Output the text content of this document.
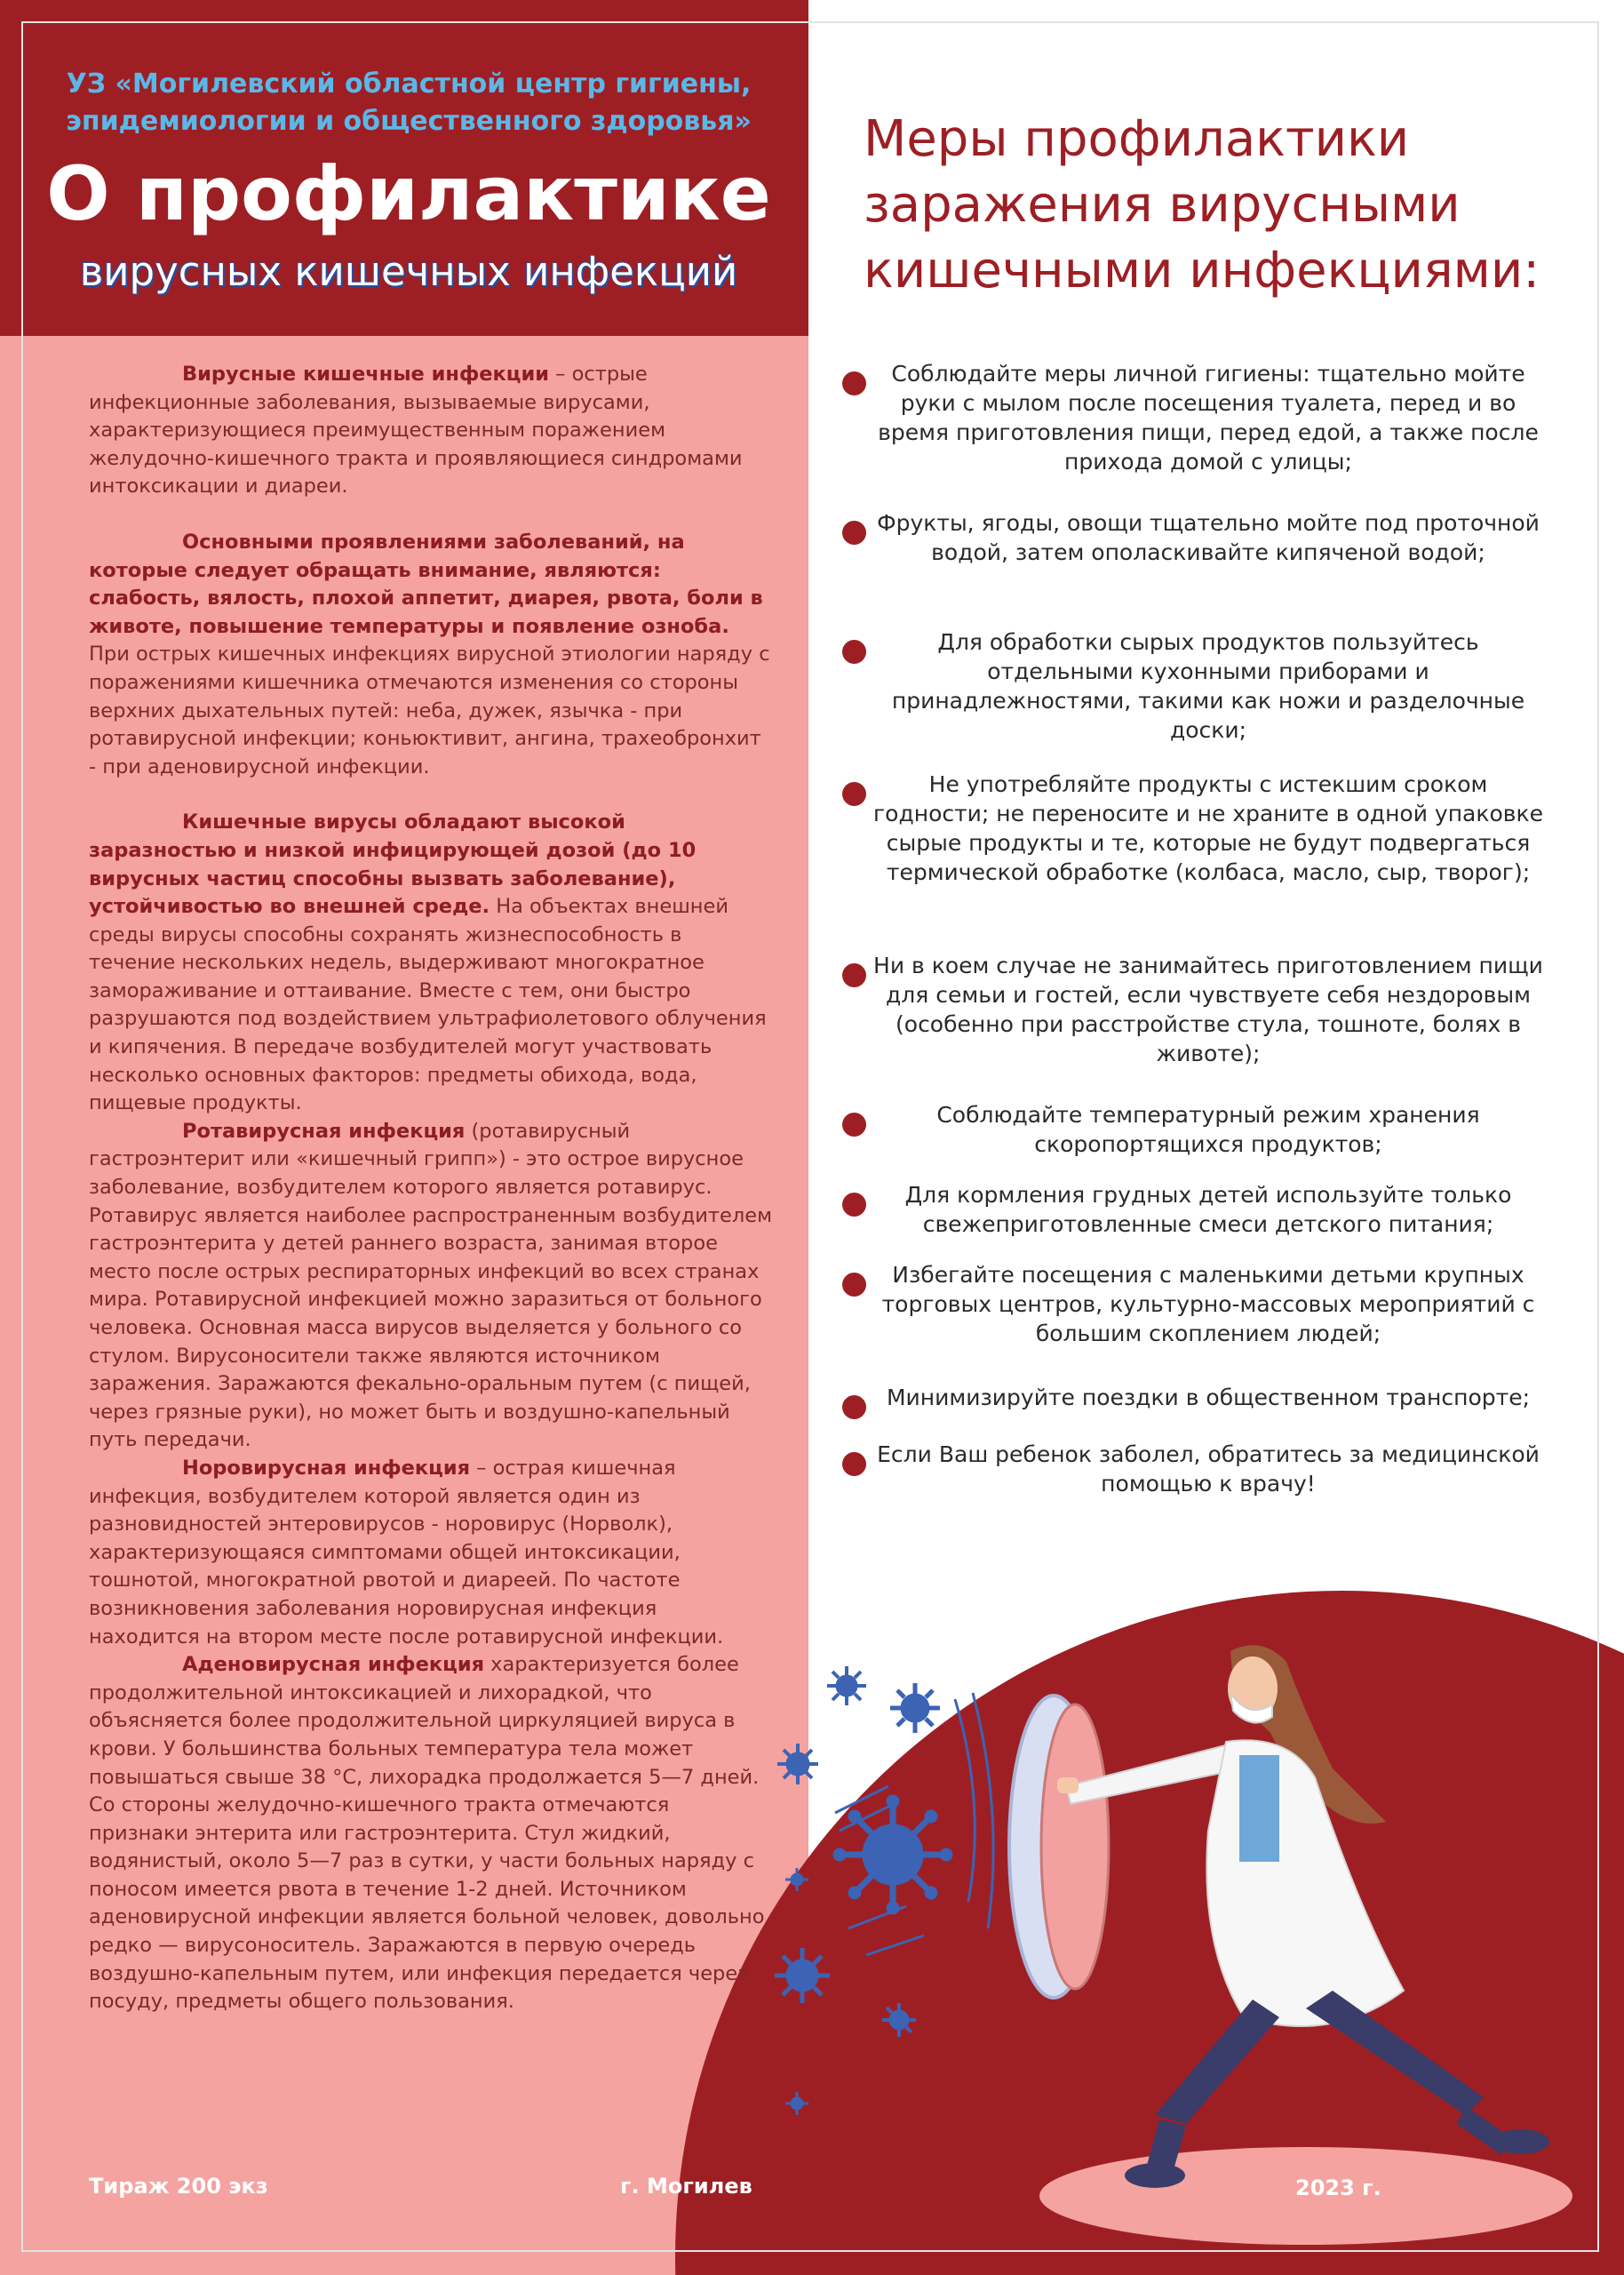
УЗ «Могилевский областной центр гигиены, эпидемиологии и общественного здоровья»
О профилактике
вирусных кишечных инфекций

Вирусные кишечные инфекции – острые инфекционные заболевания, вызываемые вирусами, характеризующиеся преимущественным поражением желудочно-кишечного тракта и проявляющиеся синдромами интоксикации и диареи.

Основными проявлениями заболеваний, на которые следует обращать внимание, являются: слабость, вялость, плохой аппетит, диарея, рвота, боли в животе, повышение температуры и появление озноба. При острых кишечных инфекциях вирусной этиологии наряду с поражениями кишечника отмечаются изменения со стороны верхних дыхательных путей: неба, дужек, язычка - при ротавирусной инфекции; коньюктивит, ангина, трахеобронхит - при аденовирусной инфекции.

Кишечные вирусы обладают высокой заразностью и низкой инфицирующей дозой (до 10 вирусных частиц способны вызвать заболевание), устойчивостью во внешней среде. На объектах внешней среды вирусы способны сохранять жизнеспособность в течение нескольких недель, выдерживают многократное замораживание и оттаивание. Вместе с тем, они быстро разрушаются под воздействием ультрафиолетового облучения и кипячения. В передаче возбудителей могут участвовать несколько основных факторов: предметы обихода, вода, пищевые продукты.

Ротавирусная инфекция (ротавирусный гастроэнтерит или «кишечный грипп») - это острое вирусное заболевание, возбудителем которого является ротавирус. Ротавирус является наиболее распространенным возбудителем гастроэнтерита у детей раннего возраста, занимая второе место после острых респираторных инфекций во всех странах мира. Ротавирусной инфекцией можно заразиться от больного человека. Основная масса вирусов выделяется у больного со стулом. Вирусоносители также являются источником заражения. Заражаются фекально-оральным путем (с пищей, через грязные руки), но может быть и воздушно-капельный путь передачи.

Норовирусная инфекция – острая кишечная инфекция, возбудителем которой является один из разновидностей энтеровирусов - норовирус (Норволк), характеризующаяся симптомами общей интоксикации, тошнотой, многократной рвотой и диареей. По частоте возникновения заболевания норовирусная инфекция находится на втором месте после ротавирусной инфекции.

Аденовирусная инфекция характеризуется более продолжительной интоксикацией и лихорадкой, что объясняется более продолжительной циркуляцией вируса в крови. У большинства больных температура тела может повышаться свыше 38 °С, лихорадка продолжается 5—7 дней. Со стороны желудочно-кишечного тракта отмечаются признаки энтерита или гастроэнтерита. Стул жидкий, водянистый, около 5—7 раз в сутки, у части больных наряду с поносом имеется рвота в течение 1-2 дней. Источником аденовирусной инфекции является больной человек, довольно редко — вирусоноситель. Заражаются в первую очередь воздушно-капельным путем, или инфекция передается через посуду, предметы общего пользования.

Тираж 200 экз	г. Могилев	2023 г.
Меры профилактики заражения вирусными кишечными инфекциями:
Соблюдайте меры личной гигиены: тщательно мойте руки с мылом после посещения туалета, перед и во время приготовления пищи, перед едой, а также после прихода домой с улицы;
Фрукты, ягоды, овощи тщательно мойте под проточной водой, затем ополаскивайте кипяченой водой;
Для обработки сырых продуктов пользуйтесь отдельными кухонными приборами и принадлежностями, такими как ножи и разделочные доски;
Не употребляйте продукты с истекшим сроком годности; не переносите и не храните в одной упаковке сырые продукты и те, которые не будут подвергаться термической обработке (колбаса, масло, сыр, творог);
Ни в коем случае не занимайтесь приготовлением пищи для семьи и гостей, если чувствуете себя нездоровым (особенно при расстройстве стула, тошноте, болях в животе);
Соблюдайте температурный режим хранения скоропортящихся продуктов;
Для кормления грудных детей используйте только свежеприготовленные смеси детского питания;
Избегайте посещения с маленькими детьми крупных торговых центров, культурно-массовых мероприятий с большим скоплением людей;
Минимизируйте поездки в общественном транспорте;
Если Ваш ребенок заболел, обратитесь за медицинской помощью к врачу!
